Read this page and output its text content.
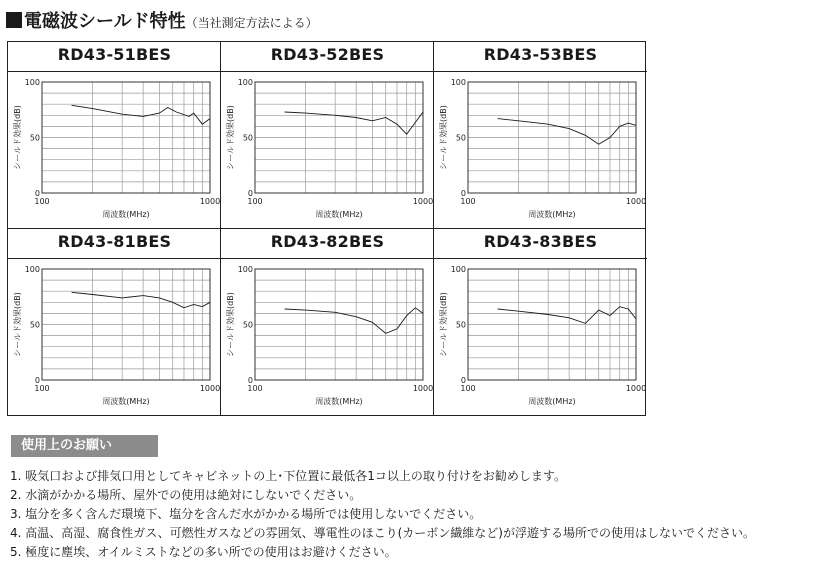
電磁波シールド特性（当社測定方法による）
RD43-51BES
0
50
100
100	1000
周波数(MHz)
シールド効果(dB)
RD43-52BES
0
50
100
100	1000
周波数(MHz)
シールド効果(dB)
RD43-53BES
0
50
100
100	1000
周波数(MHz)
シールド効果(dB)
RD43-81BES
0
50
100
100	1000
周波数(MHz)
シールド効果(dB)
RD43-82BES
0
50
100
100	1000
周波数(MHz)
シールド効果(dB)
RD43-83BES
0
50
100
100	1000
周波数(MHz)
シールド効果(dB)
使用上のお願い
1. 吸気口および排気口用としてキャビネットの上･下位置に最低各1コ以上の取り付けをお勧めします。
2. 水滴がかかる場所、屋外での使用は絶対にしないでください。
3. 塩分を多く含んだ環境下、塩分を含んだ水がかかる場所では使用しないでください。
4. 高温、高湿、腐食性ガス、可燃性ガスなどの雰囲気、導電性のほこり(カーボン繊維など)が浮遊する場所での使用はしないでください。
5. 極度に塵埃、オイルミストなどの多い所での使用はお避けください。
